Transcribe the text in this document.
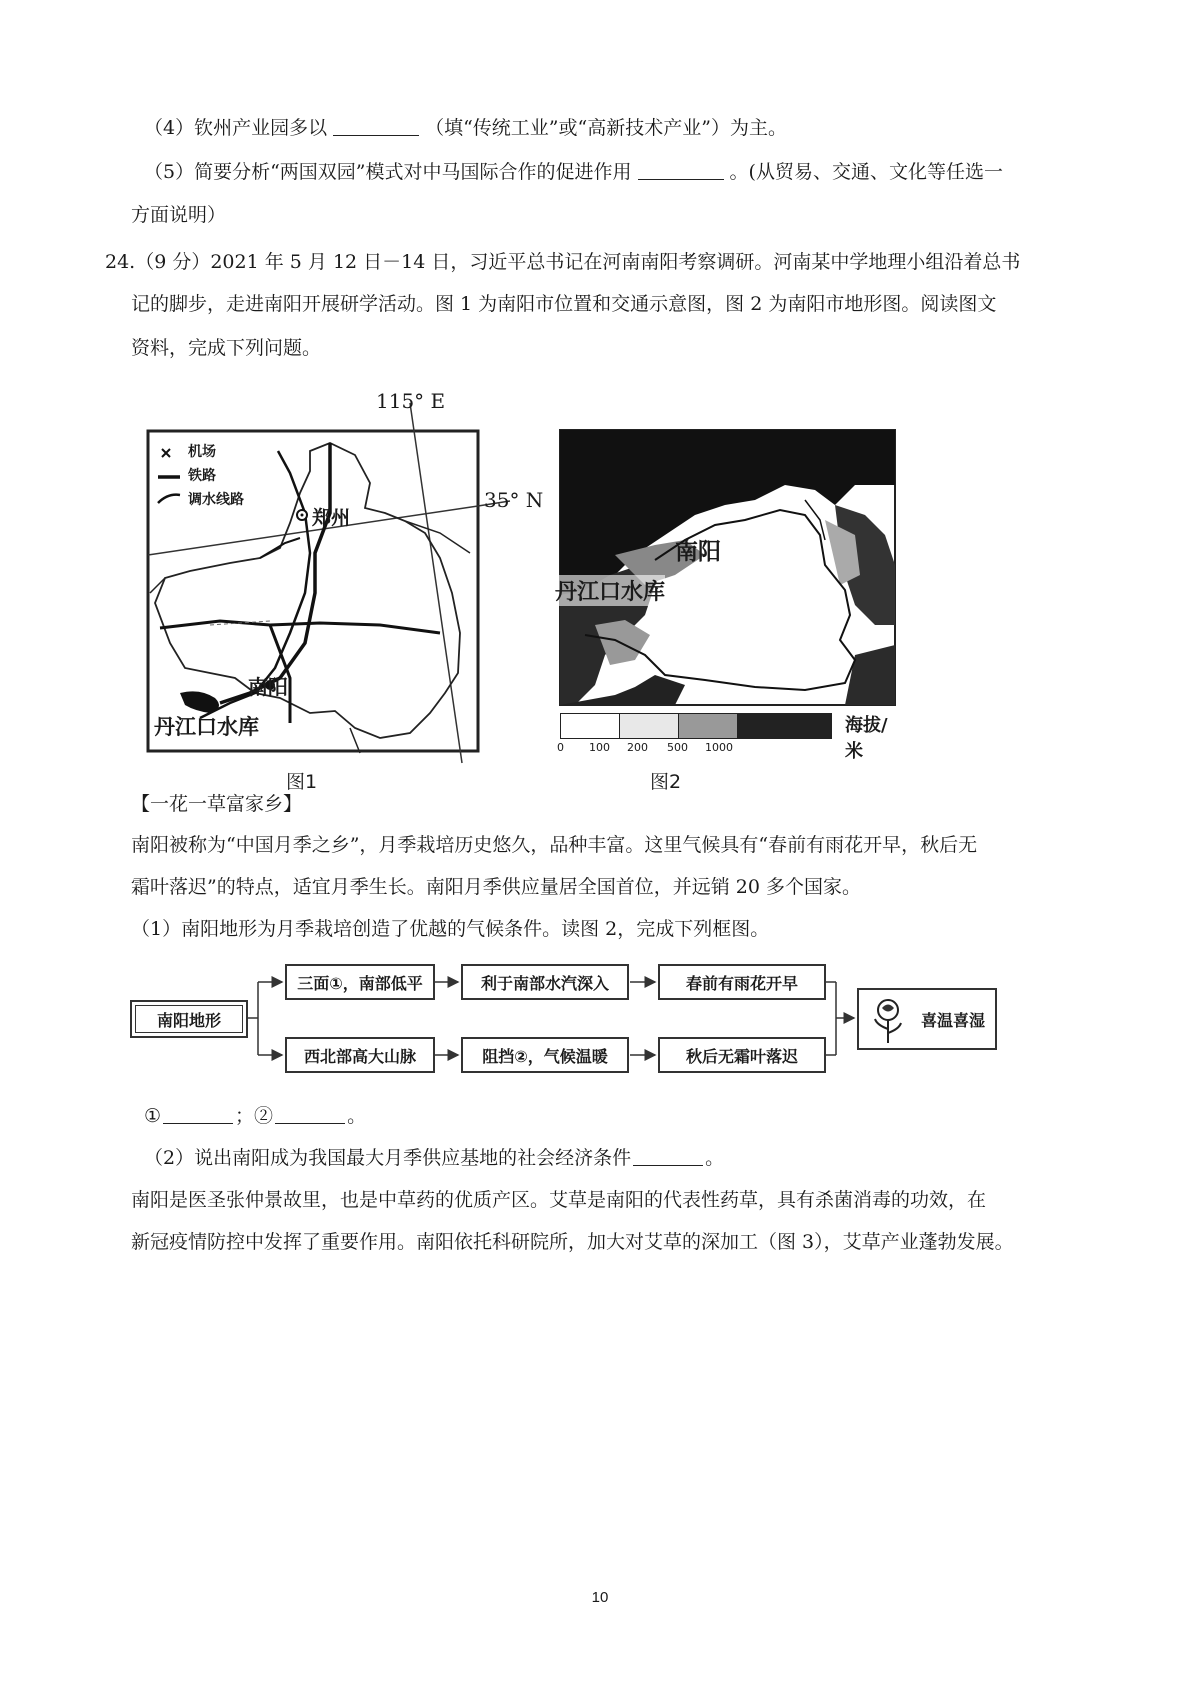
（4）钦州产业园多以	（填“传统工业”或“高新技术产业”）为主。
（5）简要分析“两国双园”模式对中马国际合作的促进作用	。(从贸易、交通、文化等任选一
方面说明）
24.（9 分）2021 年 5 月 12 日－14 日，习近平总书记在河南南阳考察调研。河南某中学地理小组沿着总书
记的脚步，走进南阳开展研学活动。图 1 为南阳市位置和交通示意图，图 2 为南阳市地形图。阅读图文
资料，完成下列问题。
机场
铁路
调水线路
115° E
35° N
郑州
南阳
丹江口水库
图1
南阳
丹江口水库
海拔/米
0 100 200 500 1000
图2
【一花一草富家乡】
南阳被称为“中国月季之乡”，月季栽培历史悠久，品种丰富。这里气候具有“春前有雨花开早，秋后无
霜叶落迟”的特点，适宜月季生长。南阳月季供应量居全国首位，并远销 20 多个国家。
（1）南阳地形为月季栽培创造了优越的气候条件。读图 2，完成下列框图。
南阳地形
三面①，南部低平	利于南部水汽深入	春前有雨花开早
西北部高大山脉	阻挡②，气候温暖	秋后无霜叶落迟
喜温喜湿
①	；②	。
（2）说出南阳成为我国最大月季供应基地的社会经济条件	。
南阳是医圣张仲景故里，也是中草药的优质产区。艾草是南阳的代表性药草，具有杀菌消毒的功效，在
新冠疫情防控中发挥了重要作用。南阳依托科研院所，加大对艾草的深加工（图 3），艾草产业蓬勃发展。
10
